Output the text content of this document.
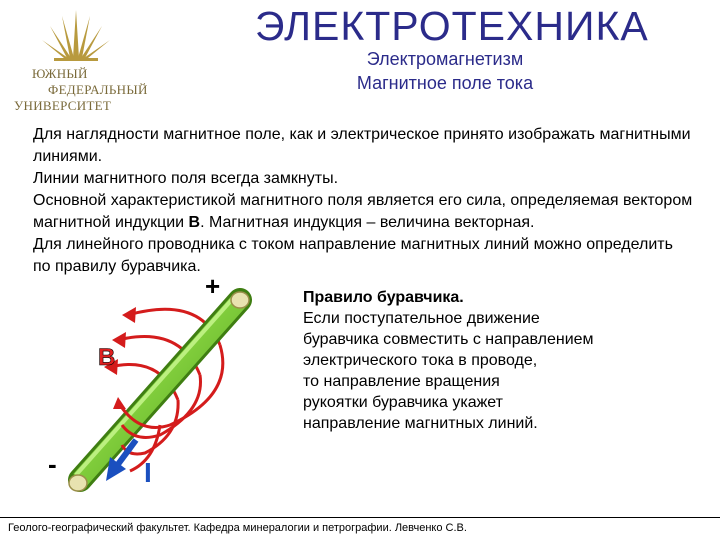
ЮЖНЫЙ
ФЕДЕРАЛЬНЫЙ
УНИВЕРСИТЕТ
ЭЛЕКТРОТЕХНИКА
Электромагнетизм
Магнитное поле тока

Для наглядности магнитное поле, как и электрическое принято изображать магнитными линиями.

Линии магнитного поля всегда замкнуты.

Основной характеристикой магнитного поля является его сила, определяемая вектором магнитной индукции B. Магнитная индукция – величина векторная.

Для линейного проводника с током направление магнитных линий можно определить по правилу буравчика.

B
+
-	I

Правило буравчика.

Если поступательное движение

буравчика совместить с направлением

электрического тока в проводе,

то направление вращения

рукоятки буравчика укажет

направление магнитных линий.

Геолого-географический факультет. Кафедра минералогии и петрографии. Левченко С.В.
